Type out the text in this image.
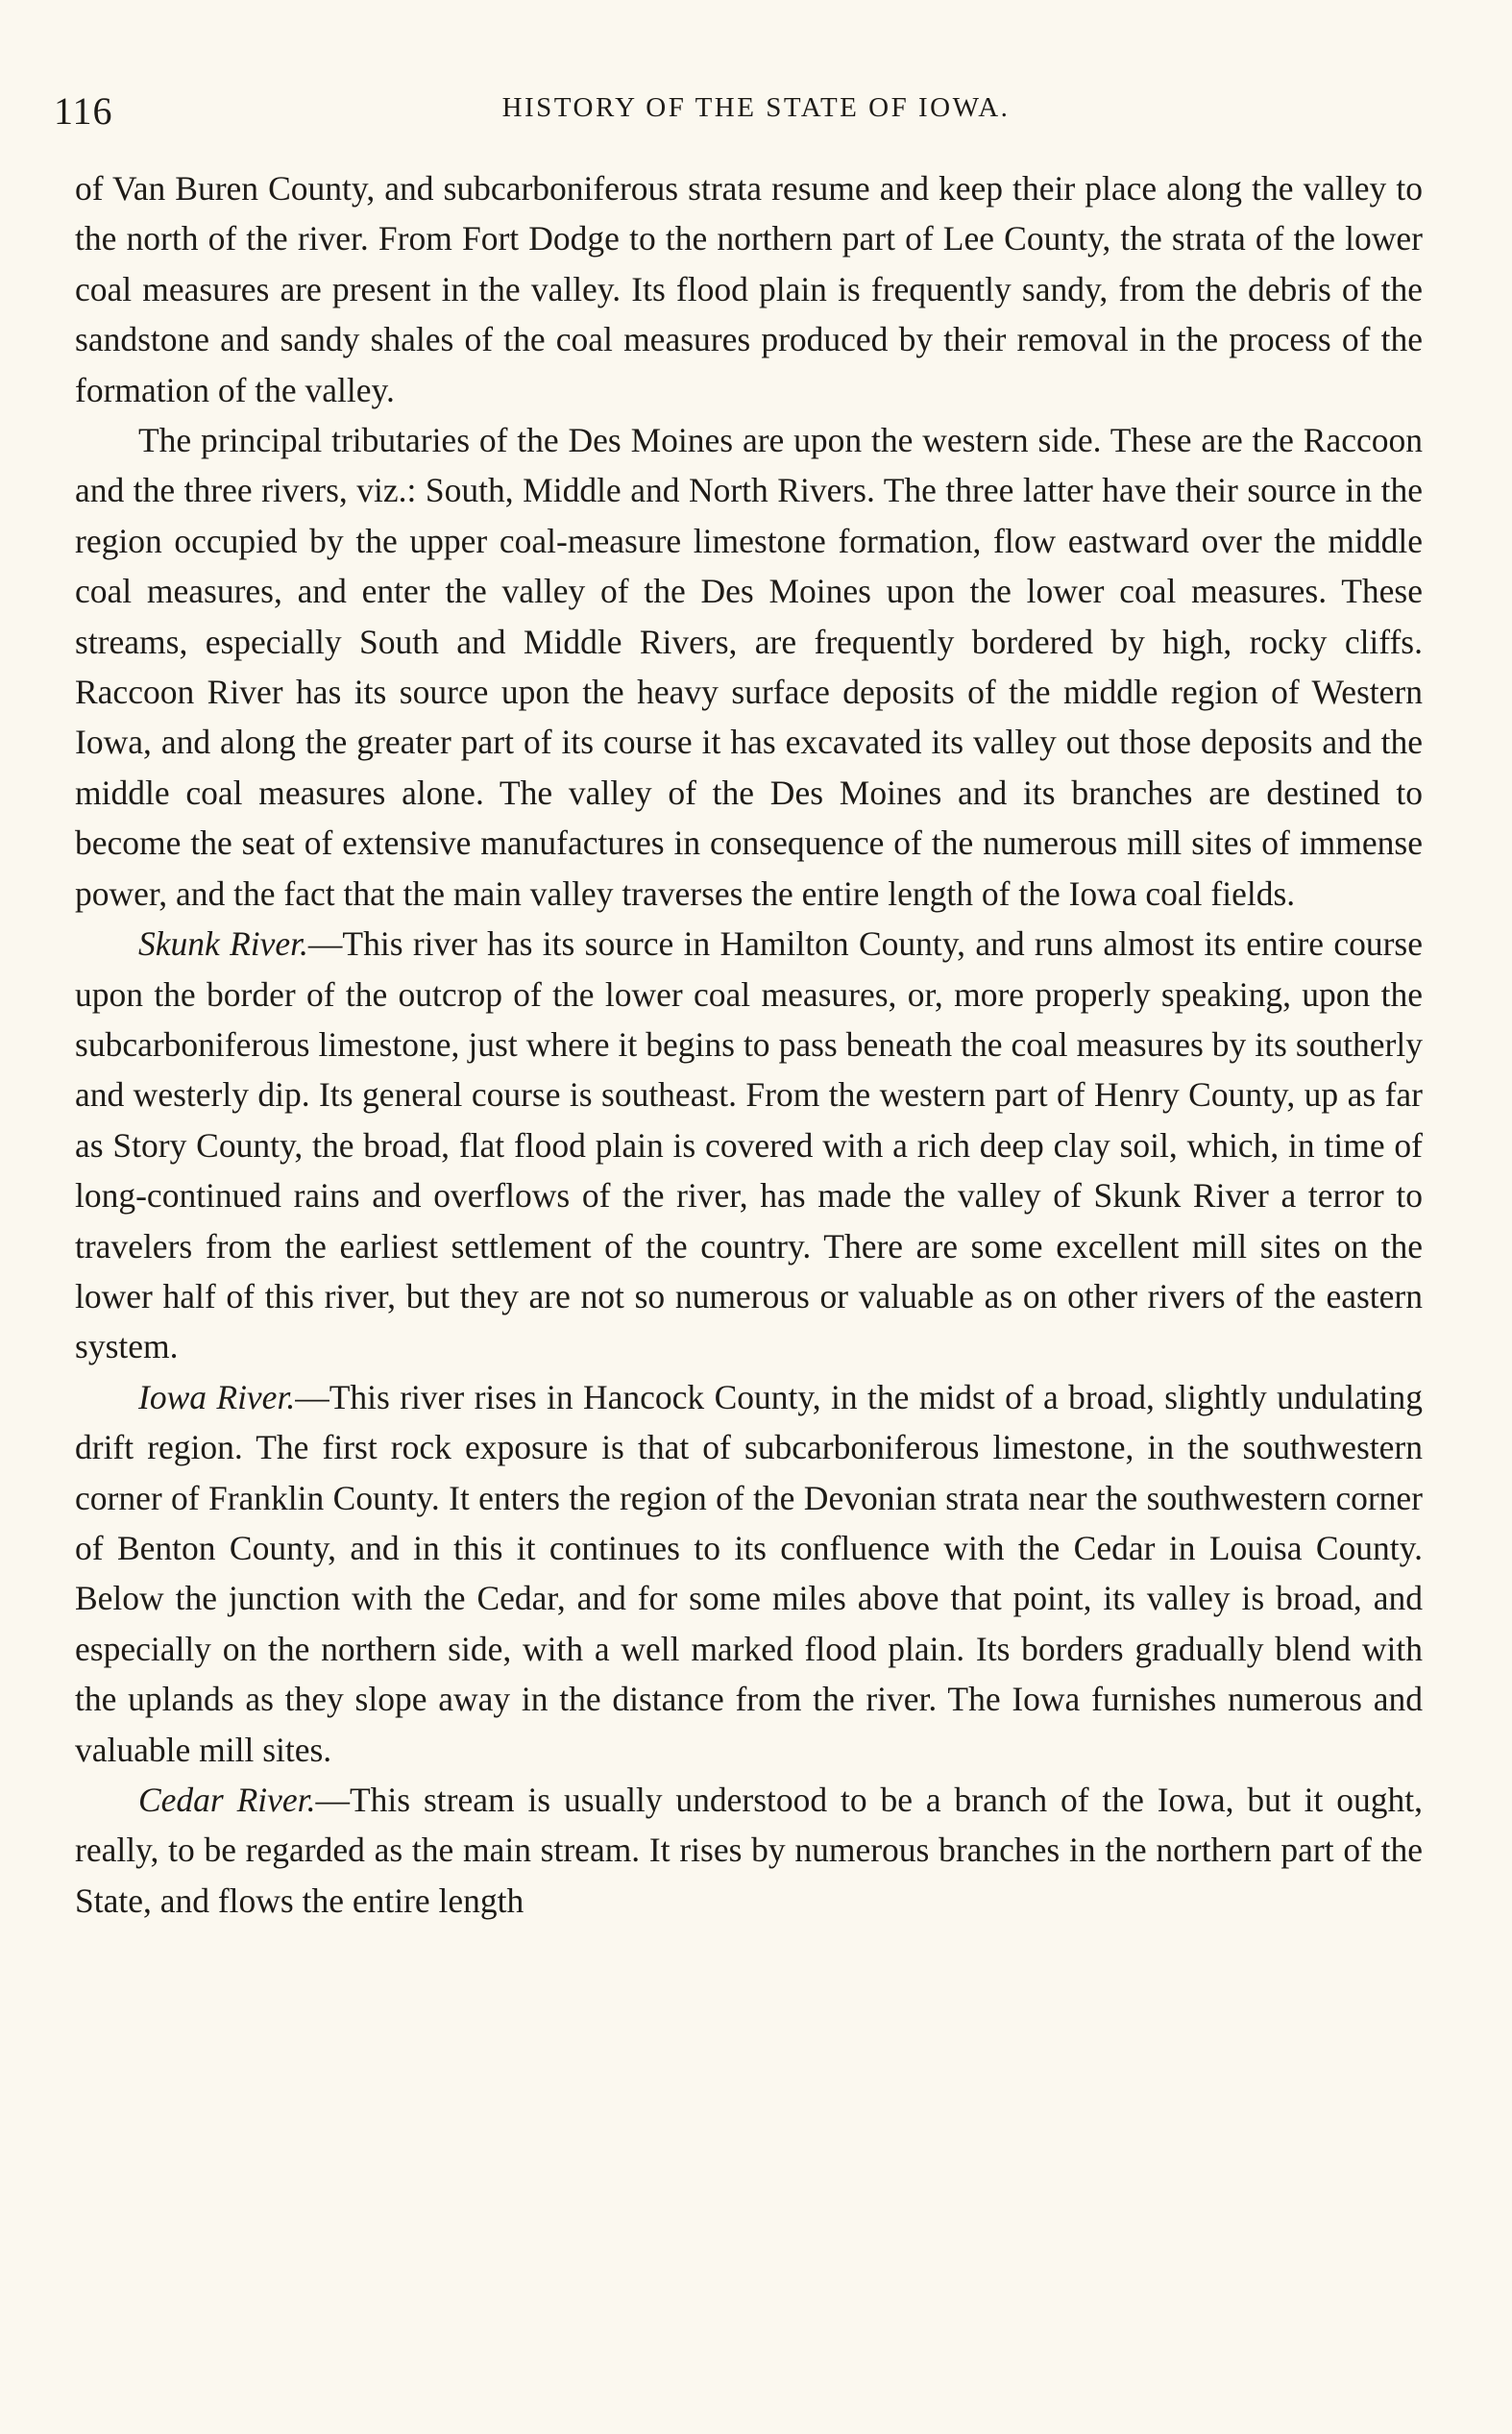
116	HISTORY OF THE STATE OF IOWA.

of Van Buren County, and subcarboniferous strata resume and keep their place along the valley to the north of the river. From Fort Dodge to the northern part of Lee County, the strata of the lower coal measures are present in the valley. Its flood plain is frequently sandy, from the debris of the sandstone and sandy shales of the coal measures produced by their removal in the process of the formation of the valley.

The principal tributaries of the Des Moines are upon the western side. These are the Raccoon and the three rivers, viz.: South, Middle and North Rivers. The three latter have their source in the region occupied by the upper coal-measure limestone formation, flow eastward over the middle coal measures, and enter the valley of the Des Moines upon the lower coal measures. These streams, especially South and Middle Rivers, are frequently bordered by high, rocky cliffs. Raccoon River has its source upon the heavy surface deposits of the middle region of Western Iowa, and along the greater part of its course it has excavated its valley out those deposits and the middle coal measures alone. The valley of the Des Moines and its branches are destined to become the seat of extensive manufactures in consequence of the numerous mill sites of immense power, and the fact that the main valley traverses the entire length of the Iowa coal fields.

Skunk River.—This river has its source in Hamilton County, and runs almost its entire course upon the border of the outcrop of the lower coal measures, or, more properly speaking, upon the subcarboniferous limestone, just where it begins to pass beneath the coal measures by its southerly and westerly dip. Its general course is southeast. From the western part of Henry County, up as far as Story County, the broad, flat flood plain is covered with a rich deep clay soil, which, in time of long-continued rains and overflows of the river, has made the valley of Skunk River a terror to travelers from the earliest settlement of the country. There are some excellent mill sites on the lower half of this river, but they are not so numerous or valuable as on other rivers of the eastern system.

Iowa River.—This river rises in Hancock County, in the midst of a broad, slightly undulating drift region. The first rock exposure is that of subcarboniferous limestone, in the southwestern corner of Franklin County. It enters the region of the Devonian strata near the southwestern corner of Benton County, and in this it continues to its confluence with the Cedar in Louisa County. Below the junction with the Cedar, and for some miles above that point, its valley is broad, and especially on the northern side, with a well marked flood plain. Its borders gradually blend with the uplands as they slope away in the distance from the river. The Iowa furnishes numerous and valuable mill sites.

Cedar River.—This stream is usually understood to be a branch of the Iowa, but it ought, really, to be regarded as the main stream. It rises by numerous branches in the northern part of the State, and flows the entire length
